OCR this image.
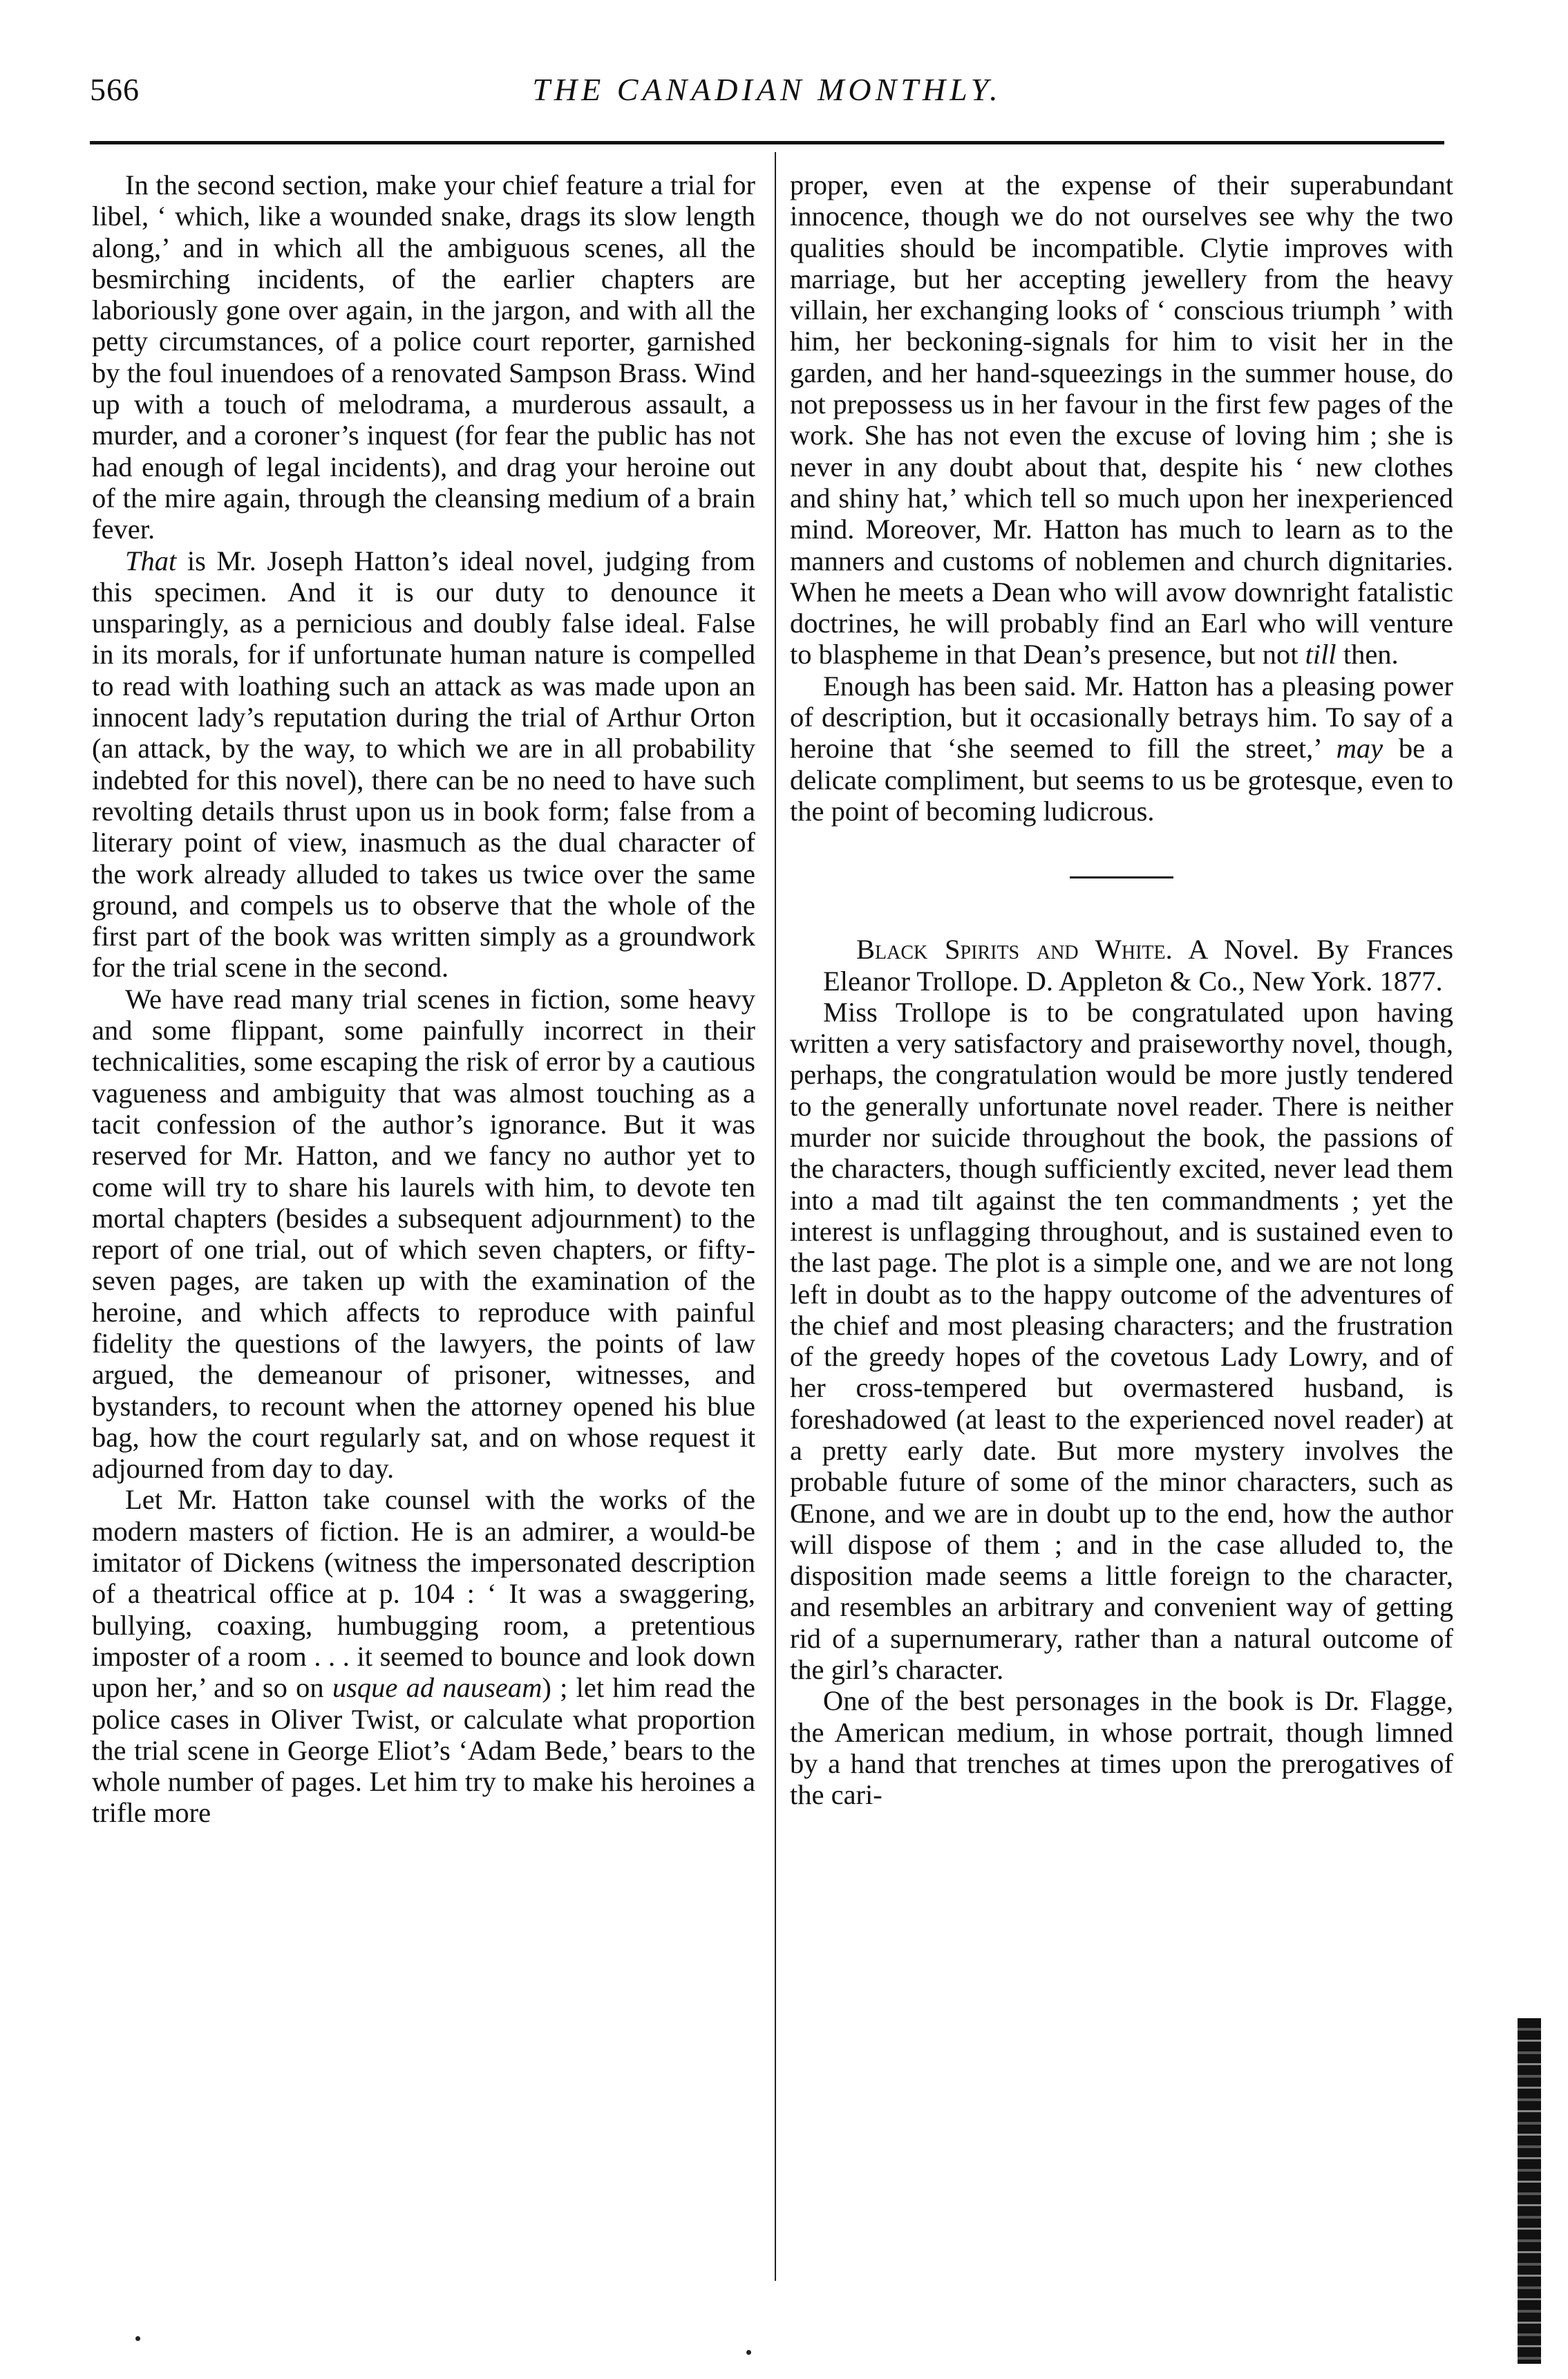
566	THE CANADIAN MONTHLY.

In the second section, make your chief feature a trial for libel, ‘ which, like a wounded snake, drags its slow length along,’ and in which all the ambiguous scenes, all the besmirching incidents, of the earlier chapters are laboriously gone over again, in the jargon, and with all the petty circumstances, of a police court reporter, garnished by the foul inuendoes of a renovated Sampson Brass. Wind up with a touch of melodrama, a murderous assault, a murder, and a coroner’s inquest (for fear the public has not had enough of legal incidents), and drag your heroine out of the mire again, through the cleansing medium of a brain fever.

That is Mr. Joseph Hatton’s ideal novel, judging from this specimen. And it is our duty to denounce it unsparingly, as a pernicious and doubly false ideal. False in its morals, for if unfortunate human nature is compelled to read with loathing such an attack as was made upon an innocent lady’s reputation during the trial of Arthur Orton (an attack, by the way, to which we are in all probability indebted for this novel), there can be no need to have such revolting details thrust upon us in book form; false from a literary point of view, inasmuch as the dual character of the work already alluded to takes us twice over the same ground, and compels us to observe that the whole of the first part of the book was written simply as a groundwork for the trial scene in the second.

We have read many trial scenes in fiction, some heavy and some flippant, some painfully incorrect in their technicalities, some escaping the risk of error by a cautious vagueness and ambiguity that was almost touching as a tacit confession of the author’s ignorance. But it was reserved for Mr. Hatton, and we fancy no author yet to come will try to share his laurels with him, to devote ten mortal chapters (besides a subsequent adjournment) to the report of one trial, out of which seven chapters, or fifty-seven pages, are taken up with the examination of the heroine, and which affects to reproduce with painful fidelity the questions of the lawyers, the points of law argued, the demeanour of prisoner, witnesses, and bystanders, to recount when the attorney opened his blue bag, how the court regularly sat, and on whose request it adjourned from day to day.

Let Mr. Hatton take counsel with the works of the modern masters of fiction. He is an admirer, a would-be imitator of Dickens (witness the impersonated description of a theatrical office at p. 104 : ‘ It was a swaggering, bullying, coaxing, humbugging room, a pretentious imposter of a room . . . it seemed to bounce and look down upon her,’ and so on usque ad nauseam) ; let him read the police cases in Oliver Twist, or calculate what proportion the trial scene in George Eliot’s ‘Adam Bede,’ bears to the whole number of pages. Let him try to make his heroines a trifle more

proper, even at the expense of their superabundant innocence, though we do not ourselves see why the two qualities should be incompatible. Clytie improves with marriage, but her accepting jewellery from the heavy villain, her exchanging looks of ‘ conscious triumph ’ with him, her beckoning-signals for him to visit her in the garden, and her hand-squeezings in the summer house, do not prepossess us in her favour in the first few pages of the work. She has not even the excuse of loving him ; she is never in any doubt about that, despite his ‘ new clothes and shiny hat,’ which tell so much upon her inexperienced mind. Moreover, Mr. Hatton has much to learn as to the manners and customs of noblemen and church dignitaries. When he meets a Dean who will avow downright fatalistic doctrines, he will probably find an Earl who will venture to blaspheme in that Dean’s presence, but not till then.

Enough has been said. Mr. Hatton has a pleasing power of description, but it occasionally betrays him. To say of a heroine that ‘she seemed to fill the street,’ may be a delicate compliment, but seems to us be grotesque, even to the point of becoming ludicrous.

Black Spirits and White. A Novel. By Frances Eleanor Trollope. D. Appleton & Co., New York. 1877.

Miss Trollope is to be congratulated upon having written a very satisfactory and praiseworthy novel, though, perhaps, the congratulation would be more justly tendered to the generally unfortunate novel reader. There is neither murder nor suicide throughout the book, the passions of the characters, though sufficiently excited, never lead them into a mad tilt against the ten commandments ; yet the interest is unflagging throughout, and is sustained even to the last page. The plot is a simple one, and we are not long left in doubt as to the happy outcome of the adventures of the chief and most pleasing characters; and the frustration of the greedy hopes of the covetous Lady Lowry, and of her cross-tempered but overmastered husband, is foreshadowed (at least to the experienced novel reader) at a pretty early date. But more mystery involves the probable future of some of the minor characters, such as Œnone, and we are in doubt up to the end, how the author will dispose of them ; and in the case alluded to, the disposition made seems a little foreign to the character, and resembles an arbitrary and convenient way of getting rid of a supernumerary, rather than a natural outcome of the girl’s character.

One of the best personages in the book is Dr. Flagge, the American medium, in whose portrait, though limned by a hand that trenches at times upon the prerogatives of the cari-
